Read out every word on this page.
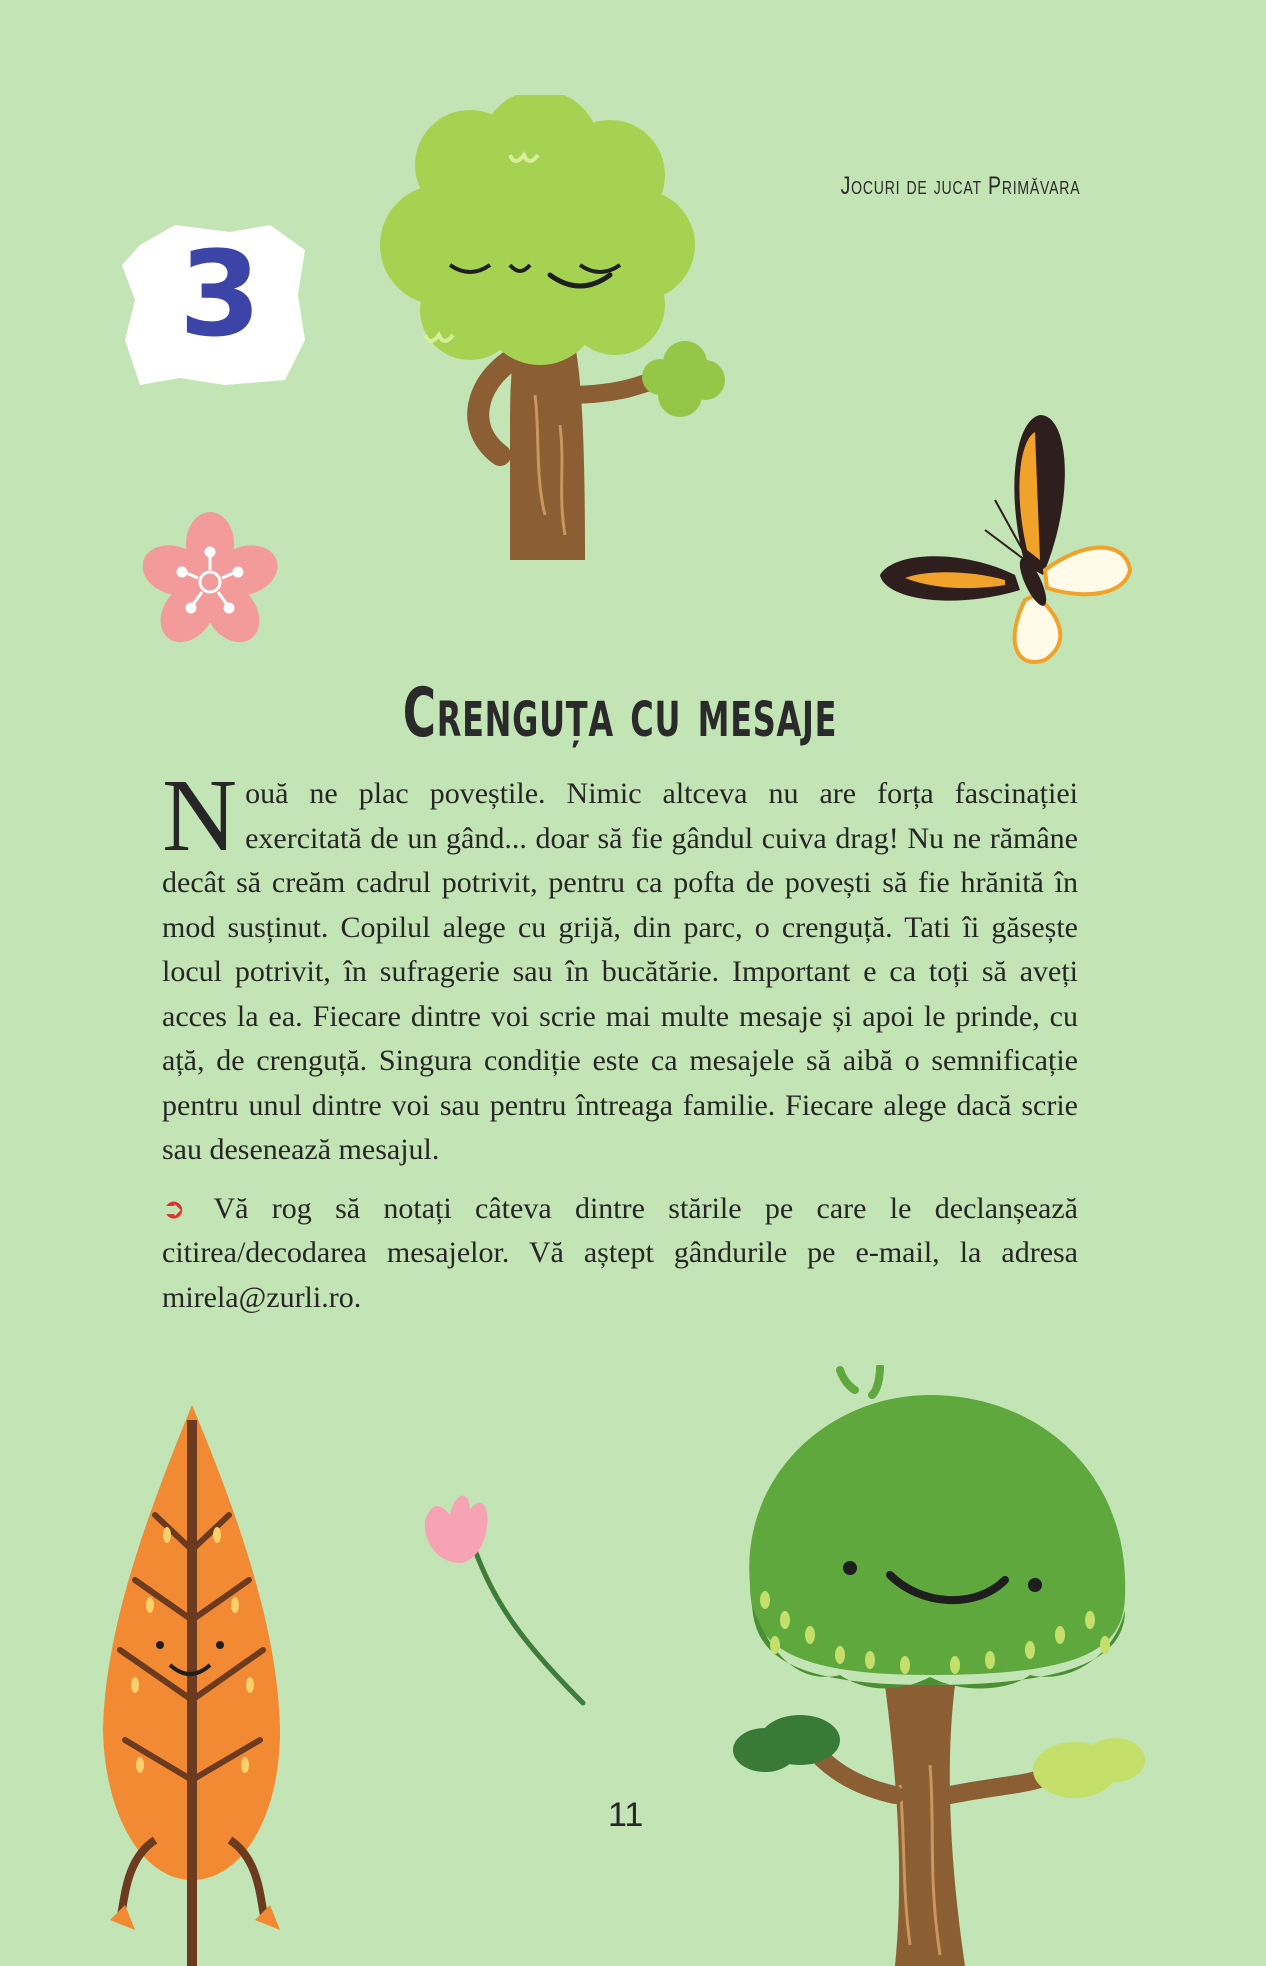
Jocuri de jucat Primăvara
3
Crenguța cu mesaje

Nouă ne plac poveștile. Nimic altceva nu are forța fascinației exercitată de un gând... doar să fie gândul cuiva drag! Nu ne rămâne decât să creăm cadrul potrivit, pentru ca pofta de povești să fie hrănită în mod susținut. Copilul alege cu grijă, din parc, o crenguță. Tati îi găsește locul potrivit, în sufragerie sau în bucătărie. Important e ca toți să aveți acces la ea. Fiecare dintre voi scrie mai multe mesaje și apoi le prinde, cu ață, de crenguță. Singura condiție este ca mesajele să aibă o semnificație pentru unul dintre voi sau pentru întreaga familie. Fiecare alege dacă scrie sau desenează mesajul.

➲ Vă rog să notați câteva dintre stările pe care le declanșează citirea/decodarea mesajelor. Vă aștept gândurile pe e-mail, la adresa mirela@zurli.ro.

11
